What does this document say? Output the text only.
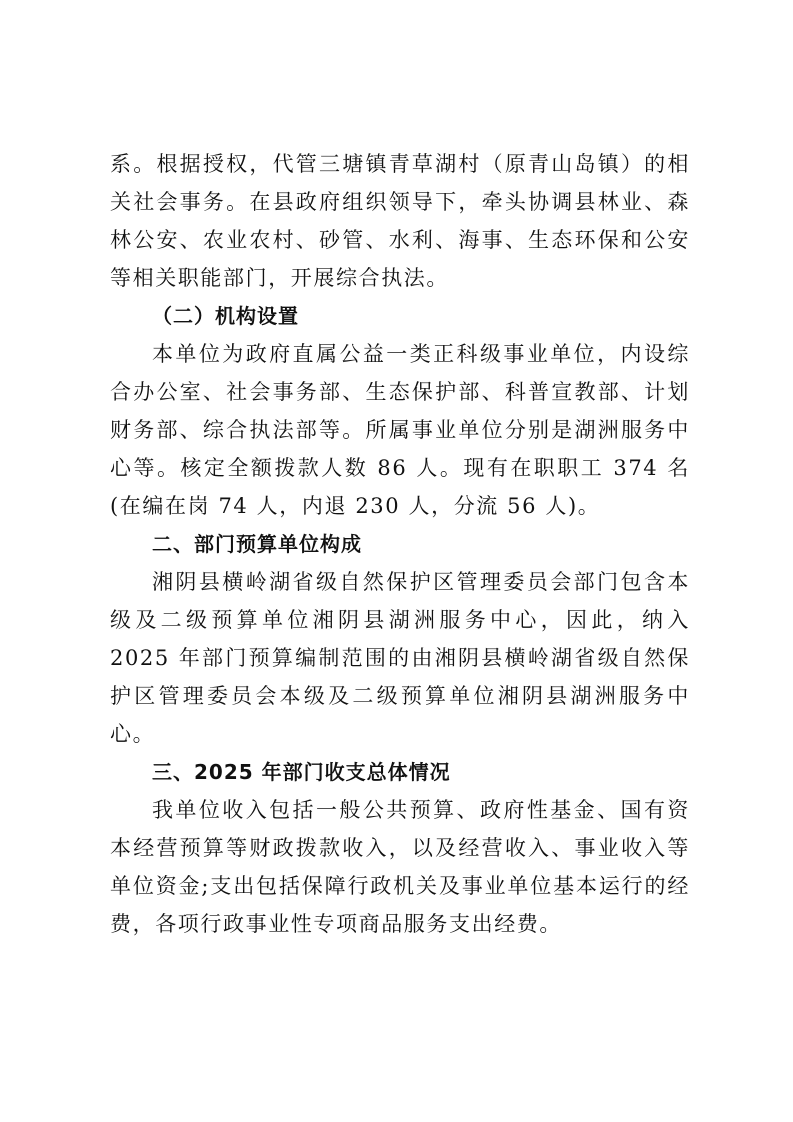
系。根据授权，代管三塘镇青草湖村（原青山岛镇）的相关社会事务。在县政府组织领导下，牵头协调县林业、森林公安、农业农村、砂管、水利、海事、生态环保和公安等相关职能部门，开展综合执法。

（二）机构设置

本单位为政府直属公益一类正科级事业单位，内设综合办公室、社会事务部、生态保护部、科普宣教部、计划财务部、综合执法部等。所属事业单位分别是湖洲服务中心等。核定全额拨款人数 86 人。现有在职职工 374 名(在编在岗 74 人，内退 230 人，分流 56 人)。

二、部门预算单位构成

湘阴县横岭湖省级自然保护区管理委员会部门包含本级及二级预算单位湘阴县湖洲服务中心，因此，纳入 2025 年部门预算编制范围的由湘阴县横岭湖省级自然保护区管理委员会本级及二级预算单位湘阴县湖洲服务中心。

三、2025 年部门收支总体情况

我单位收入包括一般公共预算、政府性基金、国有资本经营预算等财政拨款收入，以及经营收入、事业收入等单位资金;支出包括保障行政机关及事业单位基本运行的经费，各项行政事业性专项商品服务支出经费。
